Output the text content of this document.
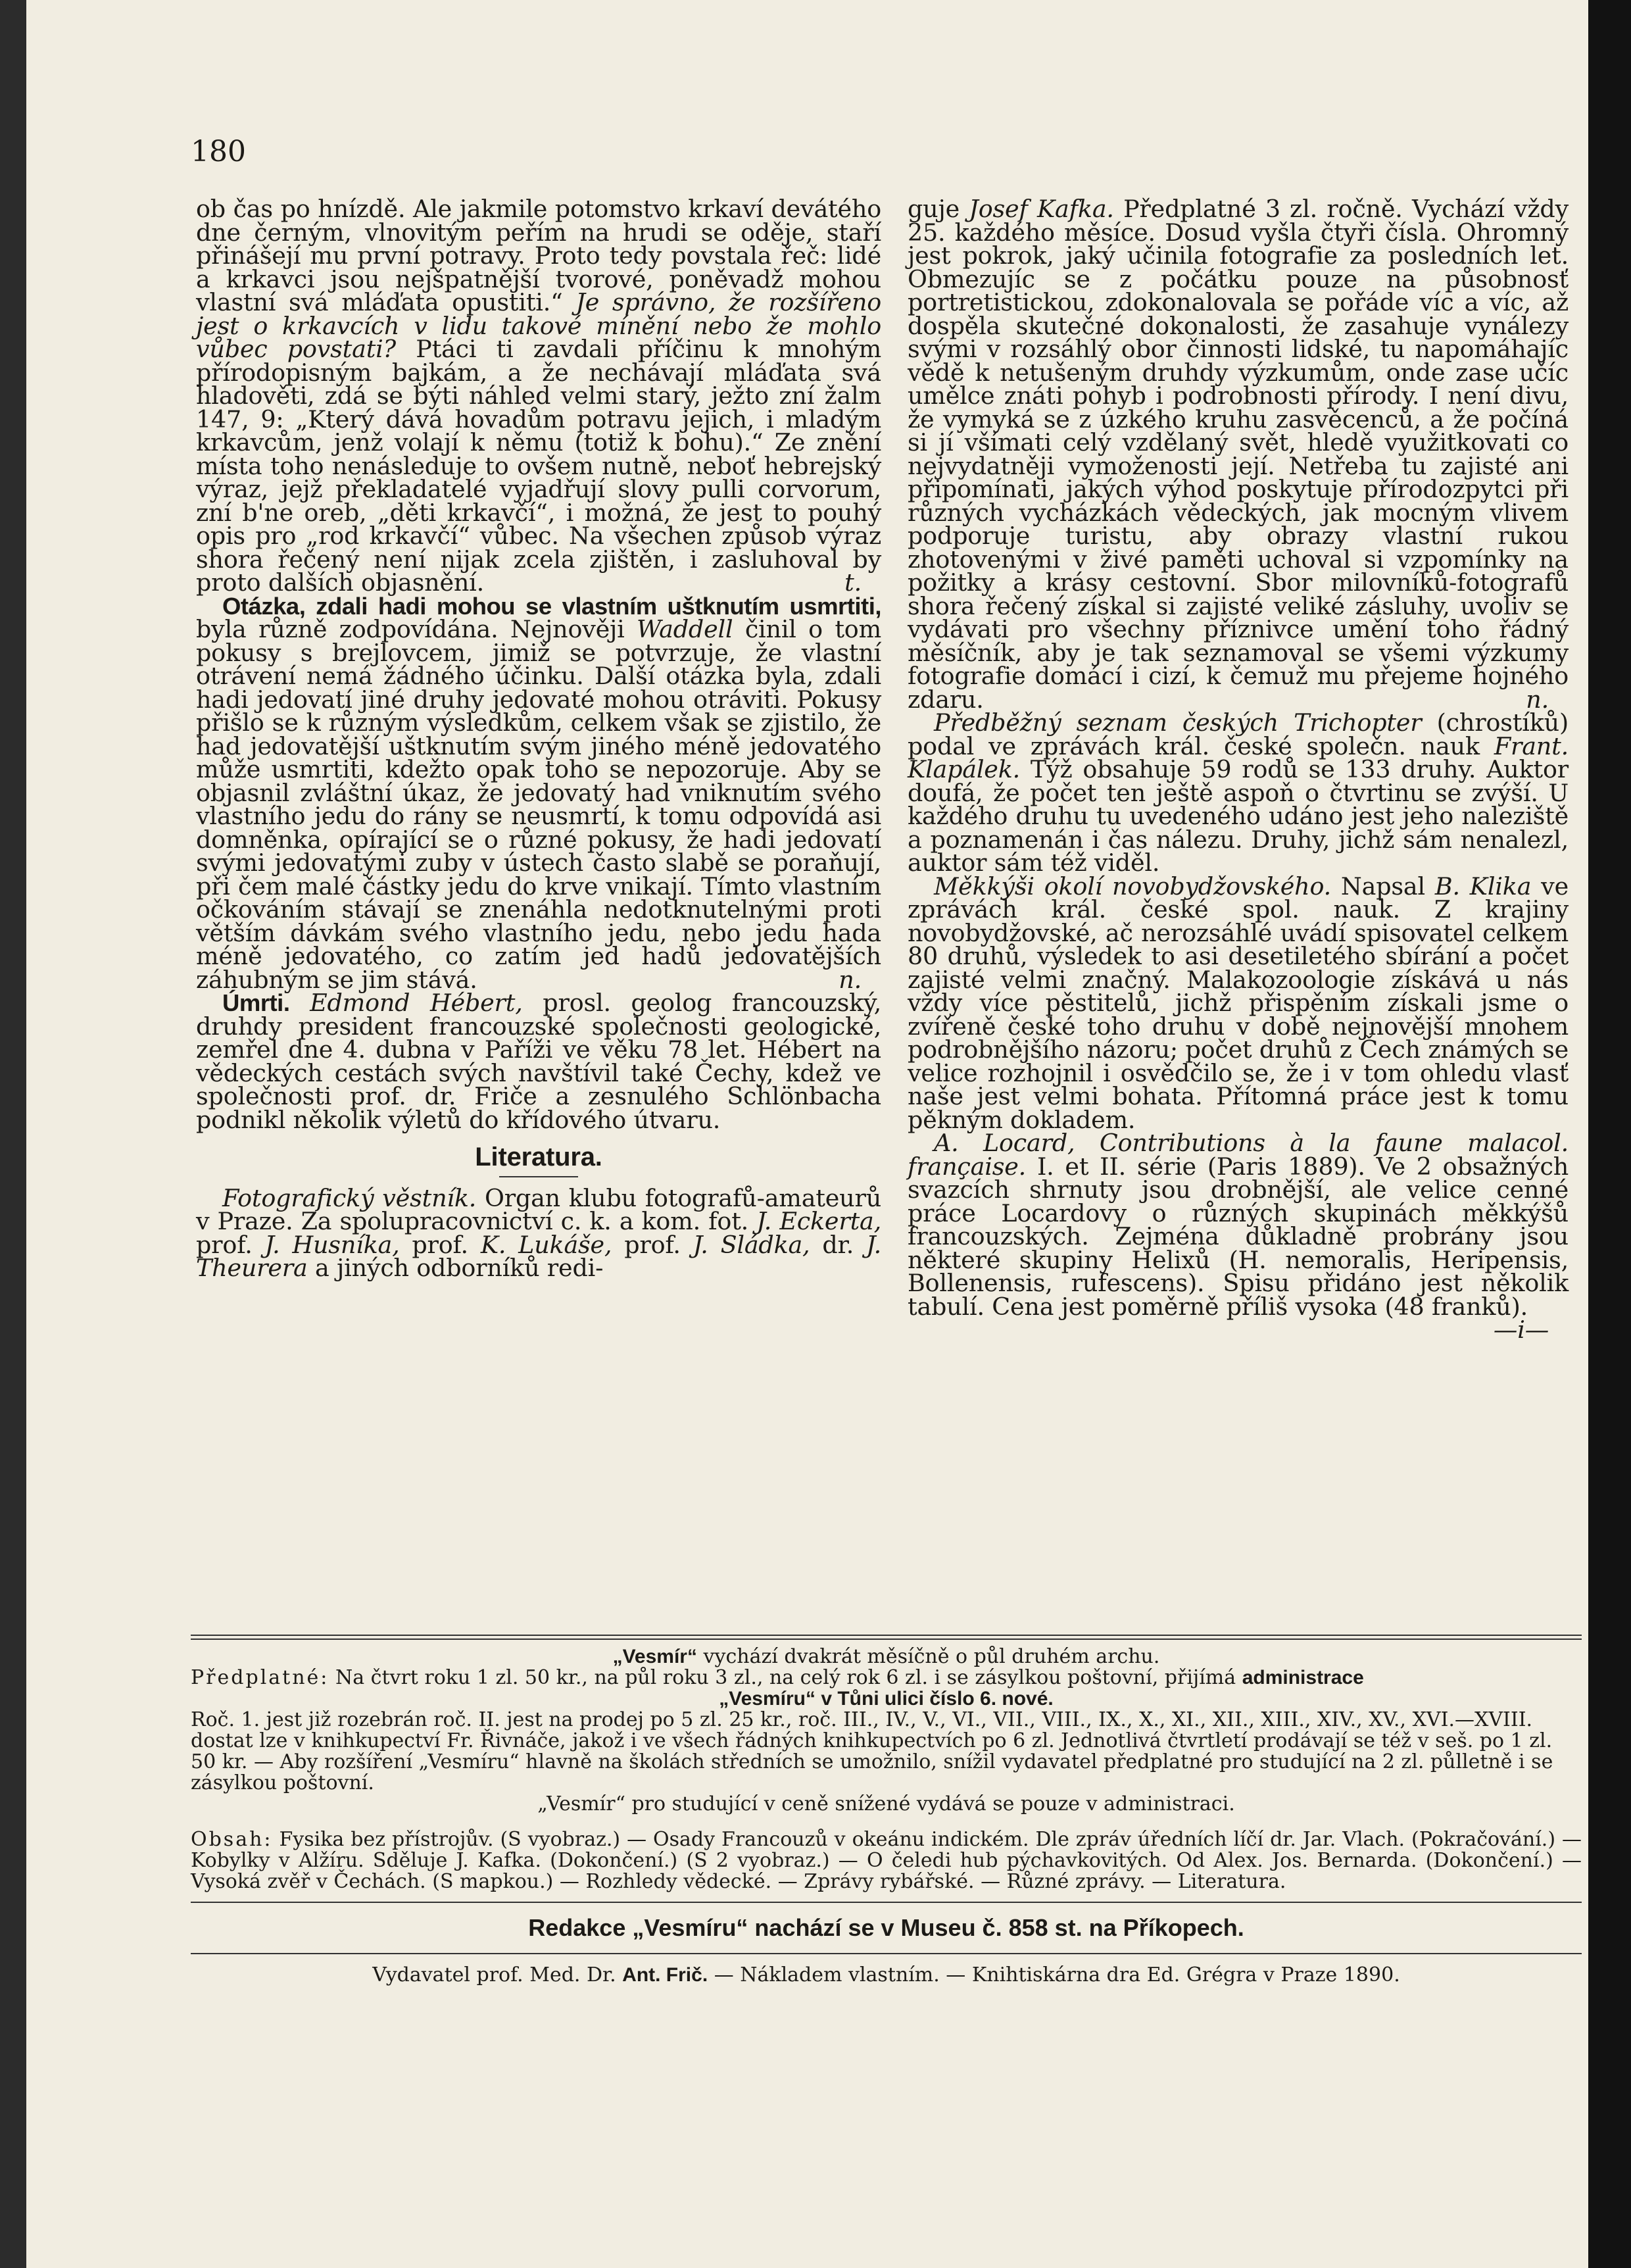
180

ob čas po hnízdě. Ale jakmile potomstvo krkaví devátého dne černým, vlnovitým peřím na hrudi se oděje, staří přinášejí mu první potravy. Proto tedy povstala řeč: lidé a krkavci jsou nejšpatnější tvorové, poněvadž mohou vlastní svá mláďata opustiti.“ Je správno, že rozšířeno jest o krkavcích v lidu takové mínění nebo že mohlo vůbec povstati? Ptáci ti zavdali příčinu k mnohým přírodopisným bajkám, a že nechávají mláďata svá hladověti, zdá se býti náhled velmi starý, ježto zní žalm 147, 9: „Který dává hovadům potravu jejich, i mladým krkavcům, jenž volají k němu (totiž k bohu).“ Ze znění místa toho nenásleduje to ovšem nutně, neboť hebrejský výraz, jejž překladatelé vyjadřují slovy pulli corvorum, zní b'ne oreb, „děti krkavčí“, i možná, že jest to pouhý opis pro „rod krkavčí“ vůbec. Na všechen způsob výraz shora řečený není nijak zcela zjištěn, i zasluhoval by proto dalších objasnění.	t.

Otázka, zdali hadi mohou se vlastním uštknutím usmrtiti, byla různě zodpovídána. Nejnověji Waddell činil o tom pokusy s brejlovcem, jimiž se potvrzuje, že vlastní otrávení nemá žádného účinku. Další otázka byla, zdali hadi jedovatí jiné druhy jedovaté mohou otráviti. Pokusy přišlo se k různým výsledkům, celkem však se zjistilo, že had jedovatější uštknutím svým jiného méně jedovatého může usmrtiti, kdežto opak toho se nepozoruje. Aby se objasnil zvláštní úkaz, že jedovatý had vniknutím svého vlastního jedu do rány se neusmrtí, k tomu odpovídá asi domněnka, opírající se o různé pokusy, že hadi jedovatí svými jedovatými zuby v ústech často slabě se poraňují, při čem malé částky jedu do krve vnikají. Tímto vlastním očkováním stávají se znenáhla nedotknutelnými proti větším dávkám svého vlastního jedu, nebo jedu hada méně jedovatého, co zatím jed hadů jedovatějších záhubným se jim stává.	n.

Úmrti. Edmond Hébert, prosl. geolog francouzský, druhdy president francouzské společnosti geologické, zemřel dne 4. dubna v Paříži ve věku 78 let. Hébert na vědeckých cestách svých navštívil také Čechy, kdež ve společnosti prof. dr. Friče a zesnulého Schlönbacha podnikl několik výletů do křídového útvaru.

Literatura.

Fotografický věstník. Organ klubu fotografů-amateurů v Praze. Za spolupracovnictví c. k. a kom. fot. J. Eckerta, prof. J. Husníka, prof. K. Lukáše, prof. J. Sládka, dr. J. Theurera a jiných odborníků redi-

guje Josef Kafka. Předplatné 3 zl. ročně. Vychází vždy 25. každého měsíce. Dosud vyšla čtyři čísla. Ohromný jest pokrok, jaký učinila fotografie za posledních let. Obmezujíc se z počátku pouze na působnosť portretistickou, zdokonalovala se pořáde víc a víc, až dospěla skutečné dokonalosti, že zasahuje vynálezy svými v rozsáhlý obor činnosti lidské, tu napomáhajíc vědě k netušeným druhdy výzkumům, onde zase učíc umělce znáti pohyb i podrobnosti přírody. I není divu, že vymyká se z úzkého kruhu zasvěcenců, a že počíná si jí všímati celý vzdělaný svět, hledě využitkovati co nejvydatněji vymoženosti její. Netřeba tu zajisté ani připomínati, jakých výhod poskytuje přírodozpytci při různých vycházkách vědeckých, jak mocným vlivem podporuje turistu, aby obrazy vlastní rukou zhotovenými v živé paměti uchoval si vzpomínky na požitky a krásy cestovní. Sbor milovníků-fotografů shora řečený získal si zajisté veliké zásluhy, uvoliv se vydávati pro všechny příznivce umění toho řádný měsíčník, aby je tak seznamoval se všemi výzkumy fotografie domácí i cizí, k čemuž mu přejeme hojného zdaru.	n.

Předběžný seznam českých Trichopter (chrostíků) podal ve zprávách král. české společn. nauk Frant. Klapálek. Týž obsahuje 59 rodů se 133 druhy. Auktor doufá, že počet ten ještě aspoň o čtvrtinu se zvýší. U každého druhu tu uvedeného udáno jest jeho naleziště a poznamenán i čas nálezu. Druhy, jichž sám nenalezl, auktor sám též viděl.

Měkkýši okolí novobydžovského. Napsal B. Klika ve zprávách král. české spol. nauk. Z krajiny novobydžovské, ač nerozsáhlé uvádí spisovatel celkem 80 druhů, výsledek to asi desetiletého sbírání a počet zajisté velmi značný. Malakozoologie získává u nás vždy více pěstitelů, jichž přispěním získali jsme o zvířeně české toho druhu v době nejnovější mnohem podrobnějšího názoru; počet druhů z Čech známých se velice rozhojnil i osvědčilo se, že i v tom ohledu vlasť naše jest velmi bohata. Přítomná práce jest k tomu pěkným dokladem.

A. Locard, Contributions à la faune malacol. française. I. et II. série (Paris 1889). Ve 2 obsažných svazcích shrnuty jsou drobnější, ale velice cenné práce Locardovy o různých skupinách měkkýšů francouzských. Zejména důkladně probrány jsou některé skupiny Helixů (H. nemoralis, Heripensis, Bollenensis, rufescens). Spisu přidáno jest několik tabulí. Cena jest poměrně příliš vysoka (48 franků).
—i—

„Vesmír“ vychází dvakrát měsíčně o půl druhém archu.
Předplatné: Na čtvrt roku 1 zl. 50 kr., na půl roku 3 zl., na celý rok 6 zl. i se zásylkou poštovní, přijímá administrace
„Vesmíru“ v Tůni ulici číslo 6. nové.
Roč. 1. jest již rozebrán roč. II. jest na prodej po 5 zl. 25 kr., roč. III., IV., V., VI., VII., VIII., IX., X., XI., XII., XIII., XIV., XV., XVI.—XVIII. dostat lze v knihkupectví Fr. Řivnáče, jakož i ve všech řádných knihkupectvích po 6 zl. Jednotlivá čtvrtletí prodávají se též v seš. po 1 zl. 50 kr. — Aby rozšíření „Vesmíru“ hlavně na školách středních se umožnilo, snížil vydavatel předplatné pro studující na 2 zl. půlletně i se zásylkou poštovní.
„Vesmír“ pro studující v ceně snížené vydává se pouze v administraci.
Obsah: Fysika bez přístrojův. (S vyobraz.) — Osady Francouzů v okeánu indickém. Dle zpráv úředních líčí dr. Jar. Vlach. (Pokračování.) — Kobylky v Alžíru. Sděluje J. Kafka. (Dokončení.) (S 2 vyobraz.) — O čeledi hub pýchavkovitých. Od Alex. Jos. Bernarda. (Dokončení.) — Vysoká zvěř v Čechách. (S mapkou.) — Rozhledy vědecké. — Zprávy rybářské. — Různé zprávy. — Literatura.
Redakce „Vesmíru“ nachází se v Museu č. 858 st. na Příkopech.
Vydavatel prof. Med. Dr. Ant. Frič. — Nákladem vlastním. — Knihtiskárna dra Ed. Grégra v Praze 1890.
